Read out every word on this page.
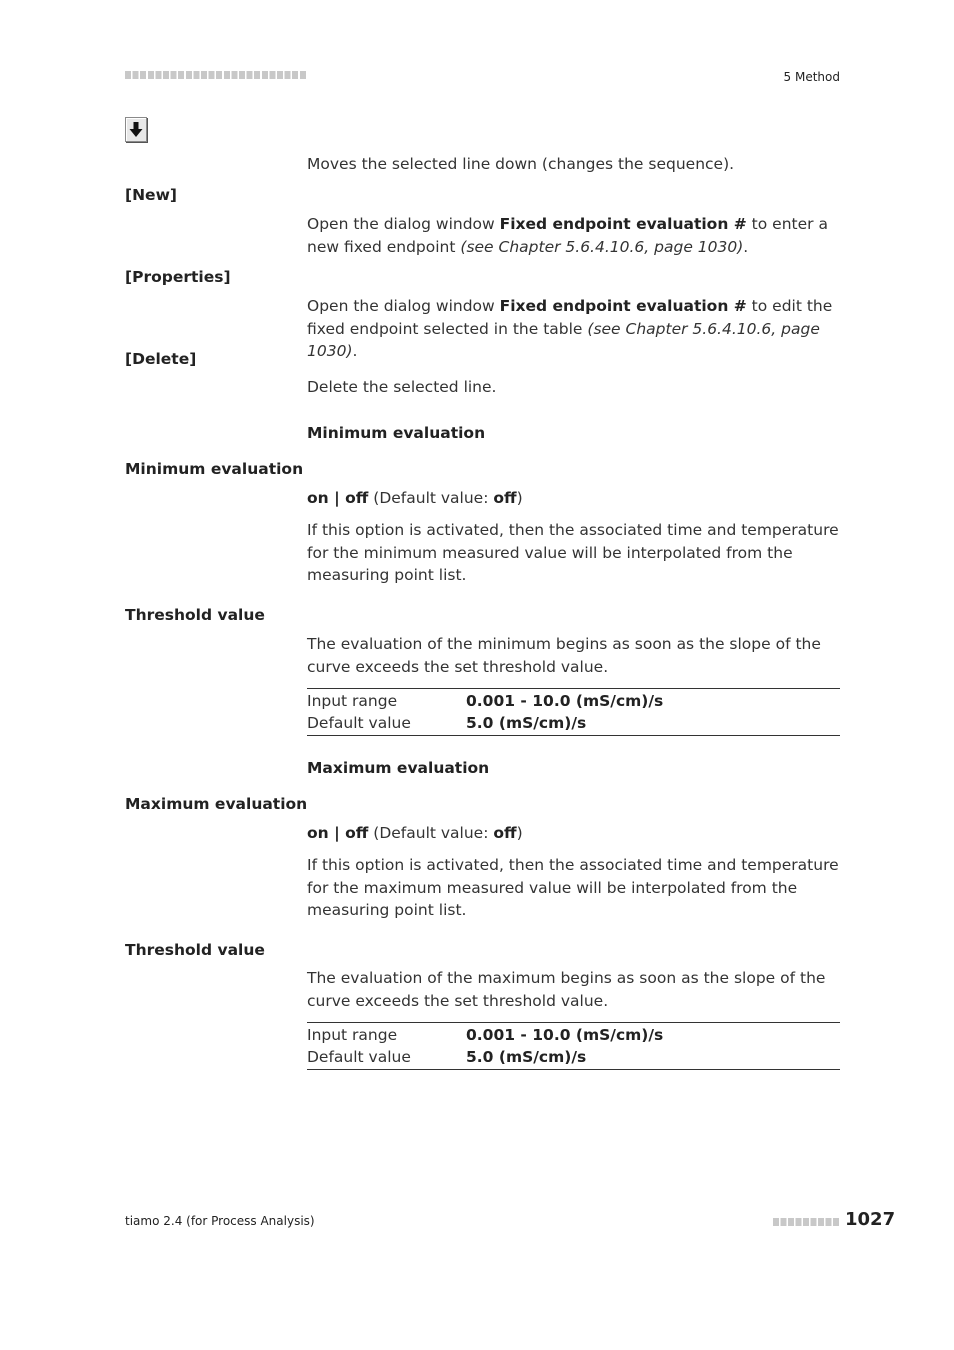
5 Method
Moves the selected line down (changes the sequence).
[New]
Open the dialog window Fixed endpoint evaluation # to enter a new fixed endpoint (see Chapter 5.6.4.10.6, page 1030).
[Properties]
Open the dialog window Fixed endpoint evaluation # to edit the fixed endpoint selected in the table (see Chapter 5.6.4.10.6, page 1030).
[Delete]
Delete the selected line.
Minimum evaluation
Minimum evaluation
on | off (Default value: off)
If this option is activated, then the associated time and temperature for the minimum measured value will be interpolated from the measuring point list.
Threshold value
The evaluation of the minimum begins as soon as the slope of the curve exceeds the set threshold value.
Input range	0.001 - 10.0 (mS/cm)/s
Default value	5.0 (mS/cm)/s
Maximum evaluation
Maximum evaluation
on | off (Default value: off)
If this option is activated, then the associated time and temperature for the maximum measured value will be interpolated from the measuring point list.
Threshold value
The evaluation of the maximum begins as soon as the slope of the curve exceeds the set threshold value.
Input range	0.001 - 10.0 (mS/cm)/s
Default value	5.0 (mS/cm)/s
tiamo 2.4 (for Process Analysis)	1027
